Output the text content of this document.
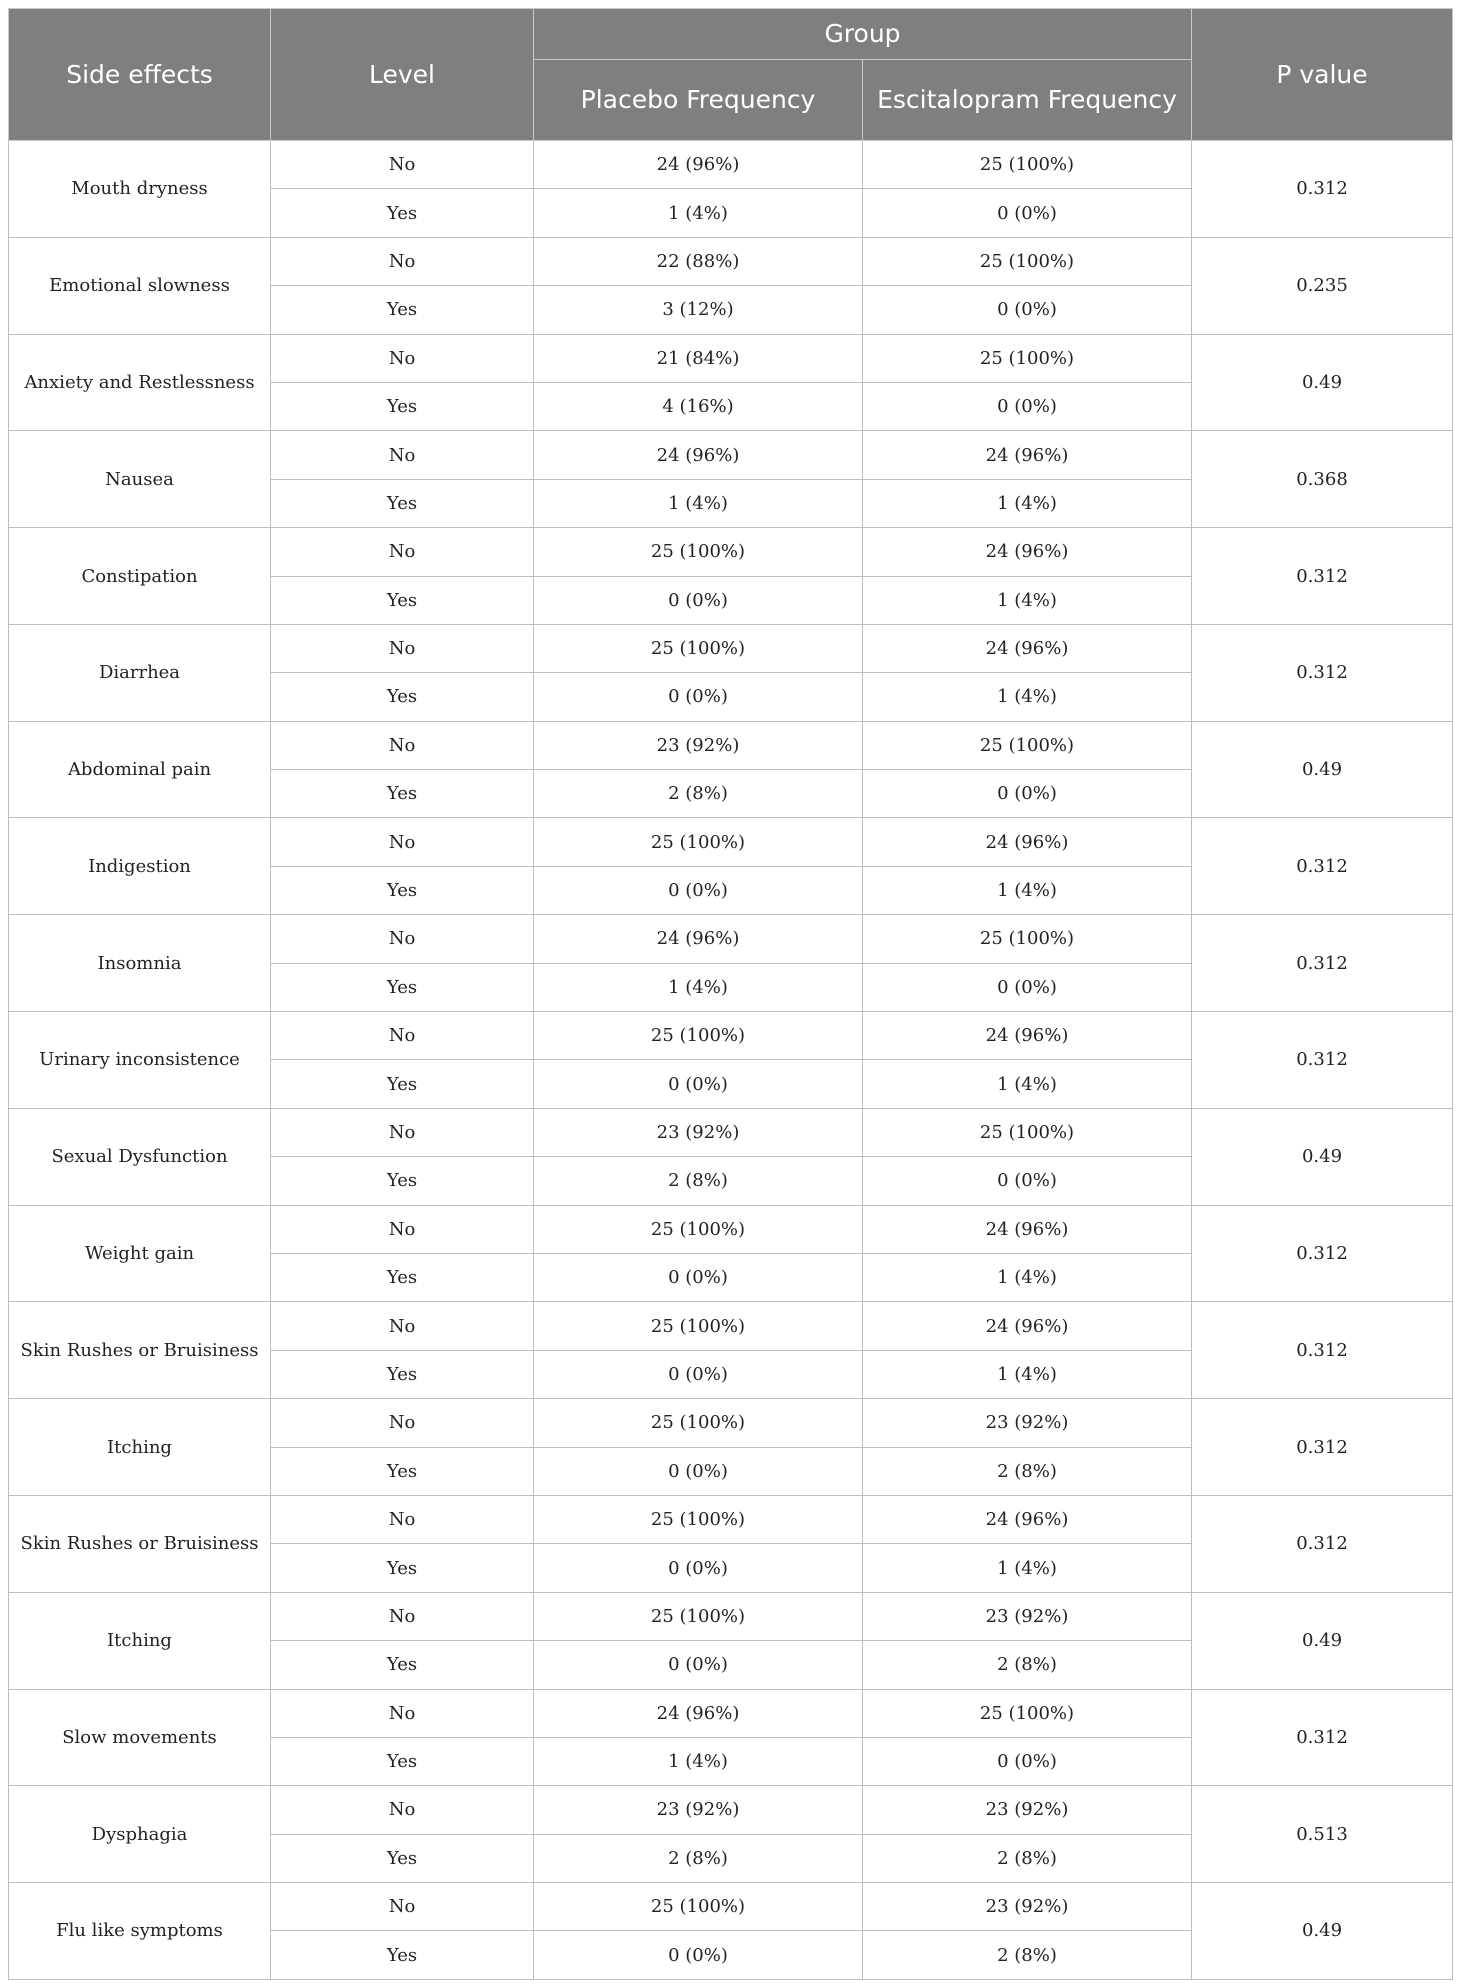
Side effects	Level	Group		P value
		Placebo Frequency	Escitalopram Frequency	
Mouth dryness	No	24 (96%)	25 (100%)	0.312
	Yes	1 (4%)	0 (0%)	
Emotional slowness	No	22 (88%)	25 (100%)	0.235
	Yes	3 (12%)	0 (0%)	
Anxiety and Restlessness	No	21 (84%)	25 (100%)	0.49
	Yes	4 (16%)	0 (0%)	
Nausea	No	24 (96%)	24 (96%)	0.368
	Yes	1 (4%)	1 (4%)	
Constipation	No	25 (100%)	24 (96%)	0.312
	Yes	0 (0%)	1 (4%)	
Diarrhea	No	25 (100%)	24 (96%)	0.312
	Yes	0 (0%)	1 (4%)	
Abdominal pain	No	23 (92%)	25 (100%)	0.49
	Yes	2 (8%)	0 (0%)	
Indigestion	No	25 (100%)	24 (96%)	0.312
	Yes	0 (0%)	1 (4%)	
Insomnia	No	24 (96%)	25 (100%)	0.312
	Yes	1 (4%)	0 (0%)	
Urinary inconsistence	No	25 (100%)	24 (96%)	0.312
	Yes	0 (0%)	1 (4%)	
Sexual Dysfunction	No	23 (92%)	25 (100%)	0.49
	Yes	2 (8%)	0 (0%)	
Weight gain	No	25 (100%)	24 (96%)	0.312
	Yes	0 (0%)	1 (4%)	
Skin Rushes or Bruisiness	No	25 (100%)	24 (96%)	0.312
	Yes	0 (0%)	1 (4%)	
Itching	No	25 (100%)	23 (92%)	0.312
	Yes	0 (0%)	2 (8%)	
Skin Rushes or Bruisiness	No	25 (100%)	24 (96%)	0.312
	Yes	0 (0%)	1 (4%)	
Itching	No	25 (100%)	23 (92%)	0.49
	Yes	0 (0%)	2 (8%)	
Slow movements	No	24 (96%)	25 (100%)	0.312
	Yes	1 (4%)	0 (0%)	
Dysphagia	No	23 (92%)	23 (92%)	0.513
	Yes	2 (8%)	2 (8%)	
Flu like symptoms	No	25 (100%)	23 (92%)	0.49
	Yes	0 (0%)	2 (8%)	
